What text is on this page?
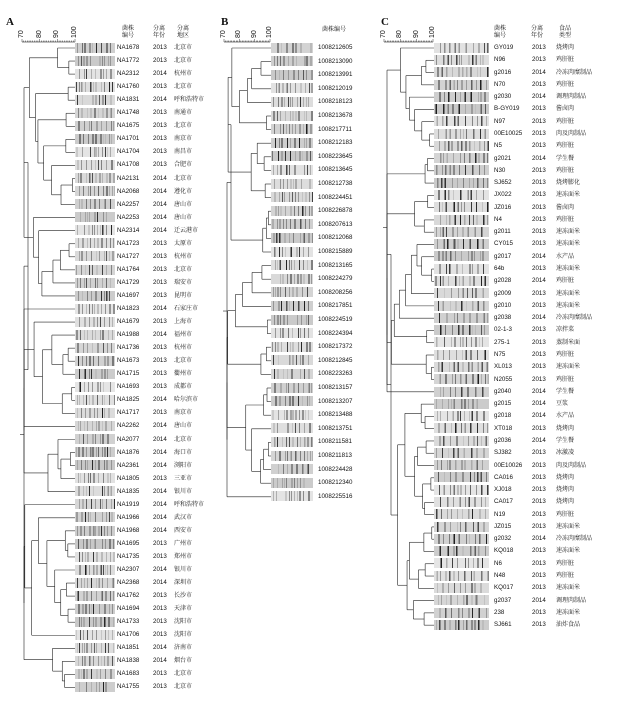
A
70 80 90 100	菌株
编号
分离
年份
分离
地区
NA1678 2013 北京市
NA1772 2013 北京市
NA2312 2014 杭州市
NA1760 2013 北京市
NA1831 2014 呼和浩特市
NA1748 2013 南通市
NA1675 2013 北京市
NA1701 2013 南京市
NA1704 2013 南昌市
NA1708 2013 合肥市
NA2131 2014 北京市
NA2068 2014 遵化市
NA2257 2014 唐山市
NA2253 2014 唐山市
NA2314 2014 迁云港市
NA1723 2013 太原市
NA1727 2013 杭州市
NA1764 2013 北京市
NA1729 2013 瑞安市
NA1697 2013 昆明市
NA1823 2014 石家庄市
NA1679 2013 上海市
NA1988 2014 福州市
NA1736 2013 杭州市
NA1673 2013 北京市
NA1715 2013 衢州市
NA1693 2013 成都市
NA1825 2014 哈尔滨市
NA1717 2013 南京市
NA2262 2014 唐山市
NA2077 2014 北京市
NA1876 2014 海口市
NA2361 2014 浏阳市
NA1805 2013 三亚市
NA1835 2014 银川市
NA1919 2014 呼和浩特市
NA1966 2014 武汉市
NA1968 2014 西安市
NA1695 2013 广州市
NA1735 2013 郑州市
NA2307 2014 银川市
NA2368 2014 深圳市
NA1762 2013 长沙市
NA1694 2013 天津市
NA1733 2013 沈阳市
NA1706 2013 沈阳市
NA1851 2014 济南市
NA1838 2014 烟台市
NA1683 2013 北京市
NA1755 2013 北京市
B
70 80 90 100	菌株编号
1008212605
1008213090
1008213991
1008212019
1008218123
1008213678
1008217711
1008212183
1008223645
1008213645
1008212738
1008224451
1008226878
1008207613
1008212068
1008215889
1008213165
1008224279
1008208256
1008217851
1008224519
1008224394
1008217372
1008212845
1008223263
1008213157
1008213207
1008213488
1008213751
1008211581
1008211813
1008224428
1008212340
1008225516
C
70 80 90 100	菌株
编号
分离
年份
食品
类型
GY019	2013 烧烤肉
N96	2013 鸡肝脏
g2016	2014 冷冻肉糜制品
N70	2013 鸡肝脏
g2030	2014 调理肉制品
B-GY019 2013 酱卤肉
N97	2013 鸡肝脏
00E10025 2013 肉及肉制品
N5	2013 鸡肝脏
g2021	2014 学生餐
N30	2013 鸡肝脏
SJ652	2013 烧烤膨化
JX022	2013 速冻面米
JZ016	2013 酱卤肉
N4	2013 鸡肝脏
g2011	2013 速冻面米
CY015	2013 速冻面米
g2017	2014 水产品
64b	2013 速冻面米
g2028	2014 鸡肝脏
g2009	2013 速冻面米
g2010	2013 速冻面米
g2038	2014 冷冻肉糜制品
02-1-3	2013 凉拌菜
275-1	2013 蒸制米面
N75	2013 鸡肝脏
XL013	2013 速冻面米
N2055	2013 鸡肝脏
g2040	2014 学生餐
g2015	2014 豆浆
g2018	2014 水产品
XT018	2013 烧烤肉
g2036	2014 学生餐
SJ382	2013 冰激凌
00E10026 2013 肉及肉制品
CA016	2013 烧烤肉
XJ018	2013 烧烤肉
CA017	2013 烧烤肉
N19	2013 鸡肝脏
JZ015	2013 速冻面米
g2032	2014 冷冻肉糜制品
KQ018	2013 速冻面米
N6	2013 鸡肝脏
N48	2013 鸡肝脏
KQ017	2013 速冻面米
g2037	2014 调理肉制品
238	2013 速冻面米
SJ661	2013 油炸食品
